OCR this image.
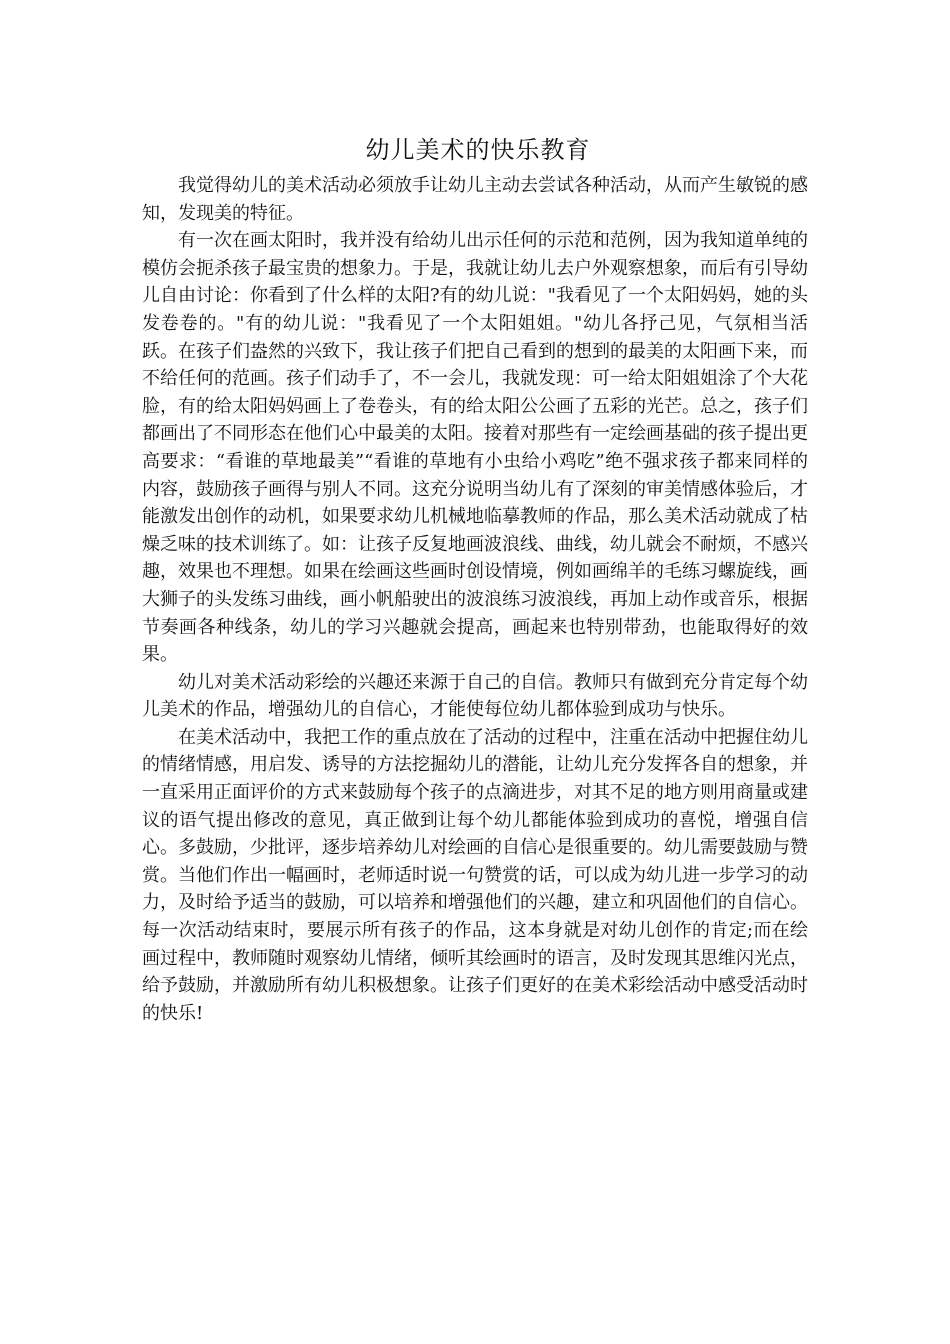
幼儿美术的快乐教育

我觉得幼儿的美术活动必须放手让幼儿主动去尝试各种活动，从而产生敏锐的感知，发现美的特征。

有一次在画太阳时，我并没有给幼儿出示任何的示范和范例，因为我知道单纯的模仿会扼杀孩子最宝贵的想象力。于是，我就让幼儿去户外观察想象，而后有引导幼儿自由讨论：你看到了什么样的太阳?有的幼儿说："我看见了一个太阳妈妈，她的头发卷卷的。"有的幼儿说："我看见了一个太阳姐姐。"幼儿各抒己见，气氛相当活跃。在孩子们盎然的兴致下，我让孩子们把自己看到的想到的最美的太阳画下来，而不给任何的范画。孩子们动手了，不一会儿，我就发现：可一给太阳姐姐涂了个大花脸，有的给太阳妈妈画上了卷卷头，有的给太阳公公画了五彩的光芒。总之，孩子们都画出了不同形态在他们心中最美的太阳。接着对那些有一定绘画基础的孩子提出更高要求：“看谁的草地最美”“看谁的草地有小虫给小鸡吃”绝不强求孩子都来同样的内容，鼓励孩子画得与别人不同。这充分说明当幼儿有了深刻的审美情感体验后，才能激发出创作的动机，如果要求幼儿机械地临摹教师的作品，那么美术活动就成了枯燥乏味的技术训练了。如：让孩子反复地画波浪线、曲线，幼儿就会不耐烦，不感兴趣，效果也不理想。如果在绘画这些画时创设情境，例如画绵羊的毛练习螺旋线，画大狮子的头发练习曲线，画小帆船驶出的波浪练习波浪线，再加上动作或音乐，根据节奏画各种线条，幼儿的学习兴趣就会提高，画起来也特别带劲，也能取得好的效果。

幼儿对美术活动彩绘的兴趣还来源于自己的自信。教师只有做到充分肯定每个幼儿美术的作品，增强幼儿的自信心，才能使每位幼儿都体验到成功与快乐。

在美术活动中，我把工作的重点放在了活动的过程中，注重在活动中把握住幼儿的情绪情感，用启发、诱导的方法挖掘幼儿的潜能，让幼儿充分发挥各自的想象，并一直采用正面评价的方式来鼓励每个孩子的点滴进步，对其不足的地方则用商量或建议的语气提出修改的意见，真正做到让每个幼儿都能体验到成功的喜悦，增强自信心。多鼓励，少批评，逐步培养幼儿对绘画的自信心是很重要的。幼儿需要鼓励与赞赏。当他们作出一幅画时，老师适时说一句赞赏的话，可以成为幼儿进一步学习的动力，及时给予适当的鼓励，可以培养和增强他们的兴趣，建立和巩固他们的自信心。每一次活动结束时，要展示所有孩子的作品，这本身就是对幼儿创作的肯定;而在绘画过程中，教师随时观察幼儿情绪，倾听其绘画时的语言，及时发现其思维闪光点，给予鼓励，并激励所有幼儿积极想象。让孩子们更好的在美术彩绘活动中感受活动时的快乐!
